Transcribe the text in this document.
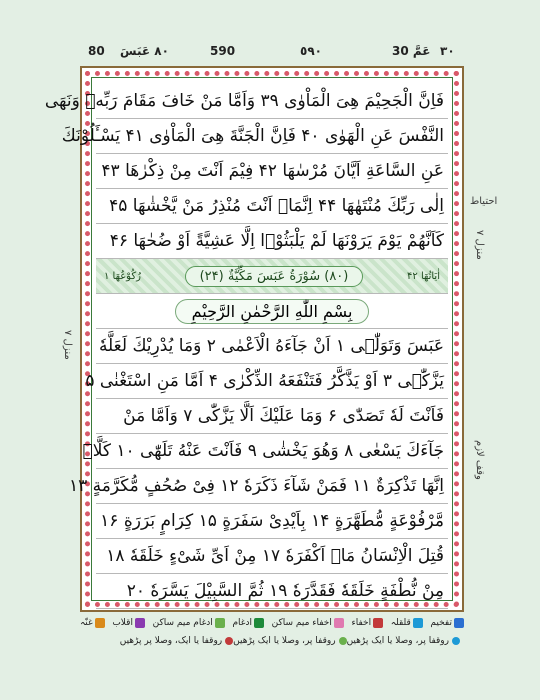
80 ٨٠ عَبَسَ	590	٥٩٠	30 عَمَّ ٣٠
فَاِنَّ الْجَحِیْمَ هِیَ الْمَاْوٰی ۳۹ وَاَمَّا مَنْ خَافَ مَقَامَ رَبِّهٖ وَنَهَی
النَّفْسَ عَنِ الْهَوٰی ۴۰ فَاِنَّ الْجَنَّةَ هِیَ الْمَاْوٰی ۴۱ یَسْـَٔلُوْنَكَ
عَنِ السَّاعَةِ اَیَّانَ مُرْسٰهَا ۴۲ فِیْمَ اَنْتَ مِنْ ذِكْرٰهَا ۴۳
اِلٰی رَبِّكَ مُنْتَهٰهَا ۴۴ اِنَّمَاۤ اَنْتَ مُنْذِرُ مَنْ یَّخْشٰهَا ۴۵
كَاَنَّهُمْ یَوْمَ یَرَوْنَهَا لَمْ یَلْبَثُوْۤا اِلَّا عَشِیَّةً اَوْ ضُحٰهَا ۴۶
اٰیَاتُهَا ۴۲
(۸۰) سُوْرَةُ عَبَسَ مَكِّیَّةٌ (۲۴)
رُكُوْعُهَا ۱
بِسْمِ اللّٰهِ الرَّحْمٰنِ الرَّحِیْمِ
عَبَسَ وَتَوَلّٰۤی ۱ اَنْ جَآءَهُ الْاَعْمٰی ۲ وَمَا یُدْرِیْكَ لَعَلَّهٗ
یَزَّكّٰۤی ۳ اَوْ یَذَّكَّرُ فَتَنْفَعَهُ الذِّكْرٰی ۴ اَمَّا مَنِ اسْتَغْنٰی ۵
فَاَنْتَ لَهٗ تَصَدّٰی ۶ وَمَا عَلَیْكَ اَلَّا یَزَّكّٰی ۷ وَاَمَّا مَنْ
جَآءَكَ یَسْعٰی ۸ وَهُوَ یَخْشٰی ۹ فَاَنْتَ عَنْهُ تَلَهّٰی ۱۰ كَلَّاۤ
اِنَّهَا تَذْكِرَةٌ ۱۱ فَمَنْ شَآءَ ذَكَرَهٗ ۱۲ فِیْ صُحُفٍ مُّكَرَّمَةٍ ۱۳
مَّرْفُوْعَةٍ مُّطَهَّرَةٍ ۱۴ بِاَیْدِیْ سَفَرَةٍ ۱۵ كِرَامٍ بَرَرَةٍ ۱۶
قُتِلَ الْاِنْسَانُ مَاۤ اَكْفَرَهٗ ۱۷ مِنْ اَیِّ شَیْءٍ خَلَقَهٗ ۱۸
مِنْ نُّطْفَةٍ خَلَقَهٗ فَقَدَّرَهٗ ۱۹ ثُمَّ السَّبِیْلَ یَسَّرَهٗ ۲۰
احتیاط
منزل ۷
منزل ۷
وقف لازم
تفخیم
قلقلہ
اخفاء
اخفاء میم ساکن
ادغام
ادغام میم ساکن
اقلاب
غنّہ
روقفا پر، وصلا یا ایک پڑھیں
روقفا پر، وصلا یا ایک پڑھیں
روقفا یا ایک، وصلا پر پڑھیں
